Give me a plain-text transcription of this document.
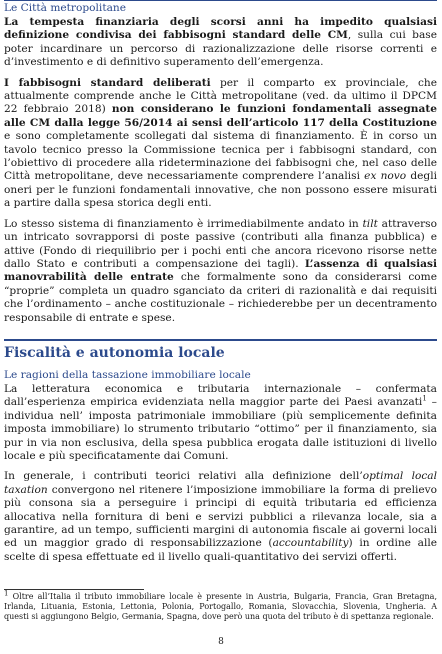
Le Città metropolitane

La tempesta finanziaria degli scorsi anni ha impedito qualsiasi definizione condivisa dei fabbisogni standard delle CM, sulla cui base poter incardinare un percorso di razionalizzazione delle risorse correnti e d’investimento e di definitivo superamento dell’emergenza.

I fabbisogni standard deliberati per il comparto ex provinciale, che attualmente comprende anche le Città metropolitane (ved. da ultimo il DPCM 22 febbraio 2018) non considerano le funzioni fondamentali assegnate alle CM dalla legge 56/2014 ai sensi dell’articolo 117 della Costituzione e sono completamente scollegati dal sistema di finanziamento. È in corso un tavolo tecnico presso la Commissione tecnica per i fabbisogni standard, con l’obiettivo di procedere alla rideterminazione dei fabbisogni che, nel caso delle Città metropolitane, deve necessariamente comprendere l’analisi ex novo degli oneri per le funzioni fondamentali innovative, che non possono essere misurati a partire dalla spesa storica degli enti.

Lo stesso sistema di finanziamento è irrimediabilmente andato in tilt attraverso un intricato sovrapporsi di poste passive (contributi alla finanza pubblica) e attive (Fondo di riequilibrio per i pochi enti che ancora ricevono risorse nette dallo Stato e contributi a compensazione dei tagli). L’assenza di qualsiasi manovrabilità delle entrate che formalmente sono da considerarsi come “proprie” completa un quadro sganciato da criteri di razionalità e dai requisiti che l’ordinamento – anche costituzionale – richiederebbe per un decentramento responsabile di entrate e spese.

Fiscalità e autonomia locale
Le ragioni della tassazione immobiliare locale

La letteratura economica e tributaria internazionale – confermata dall’esperienza empirica evidenziata nella maggior parte dei Paesi avanzati$^1$ – individua nell’ imposta patrimoniale immobiliare (più semplicemente definita imposta immobiliare) lo strumento tributario “ottimo” per il finanziamento, sia pur in via non esclusiva, della spesa pubblica erogata dalle istituzioni di livello locale e più specificatamente dai Comuni.

In generale, i contributi teorici relativi alla definizione dell’optimal local taxation convergono nel ritenere l’imposizione immobiliare la forma di prelievo più consona sia a perseguire i principi di equità tributaria ed efficienza allocativa nella fornitura di beni e servizi pubblici a rilevanza locale, sia a garantire, ad un tempo, sufficienti margini di autonomia fiscale ai governi locali ed un maggior grado di responsabilizzazione (accountability) in ordine alle scelte di spesa effettuate ed il livello quali-quantitativo dei servizi offerti.

$^1$ Oltre all’Italia il tributo immobiliare locale è presente in Austria, Bulgaria, Francia, Gran Bretagna, Irlanda, Lituania, Estonia, Lettonia, Polonia, Portogallo, Romania, Slovacchia, Slovenia, Ungheria. A questi si aggiungono Belgio, Germania, Spagna, dove però una quota del tributo è di spettanza regionale.

8
